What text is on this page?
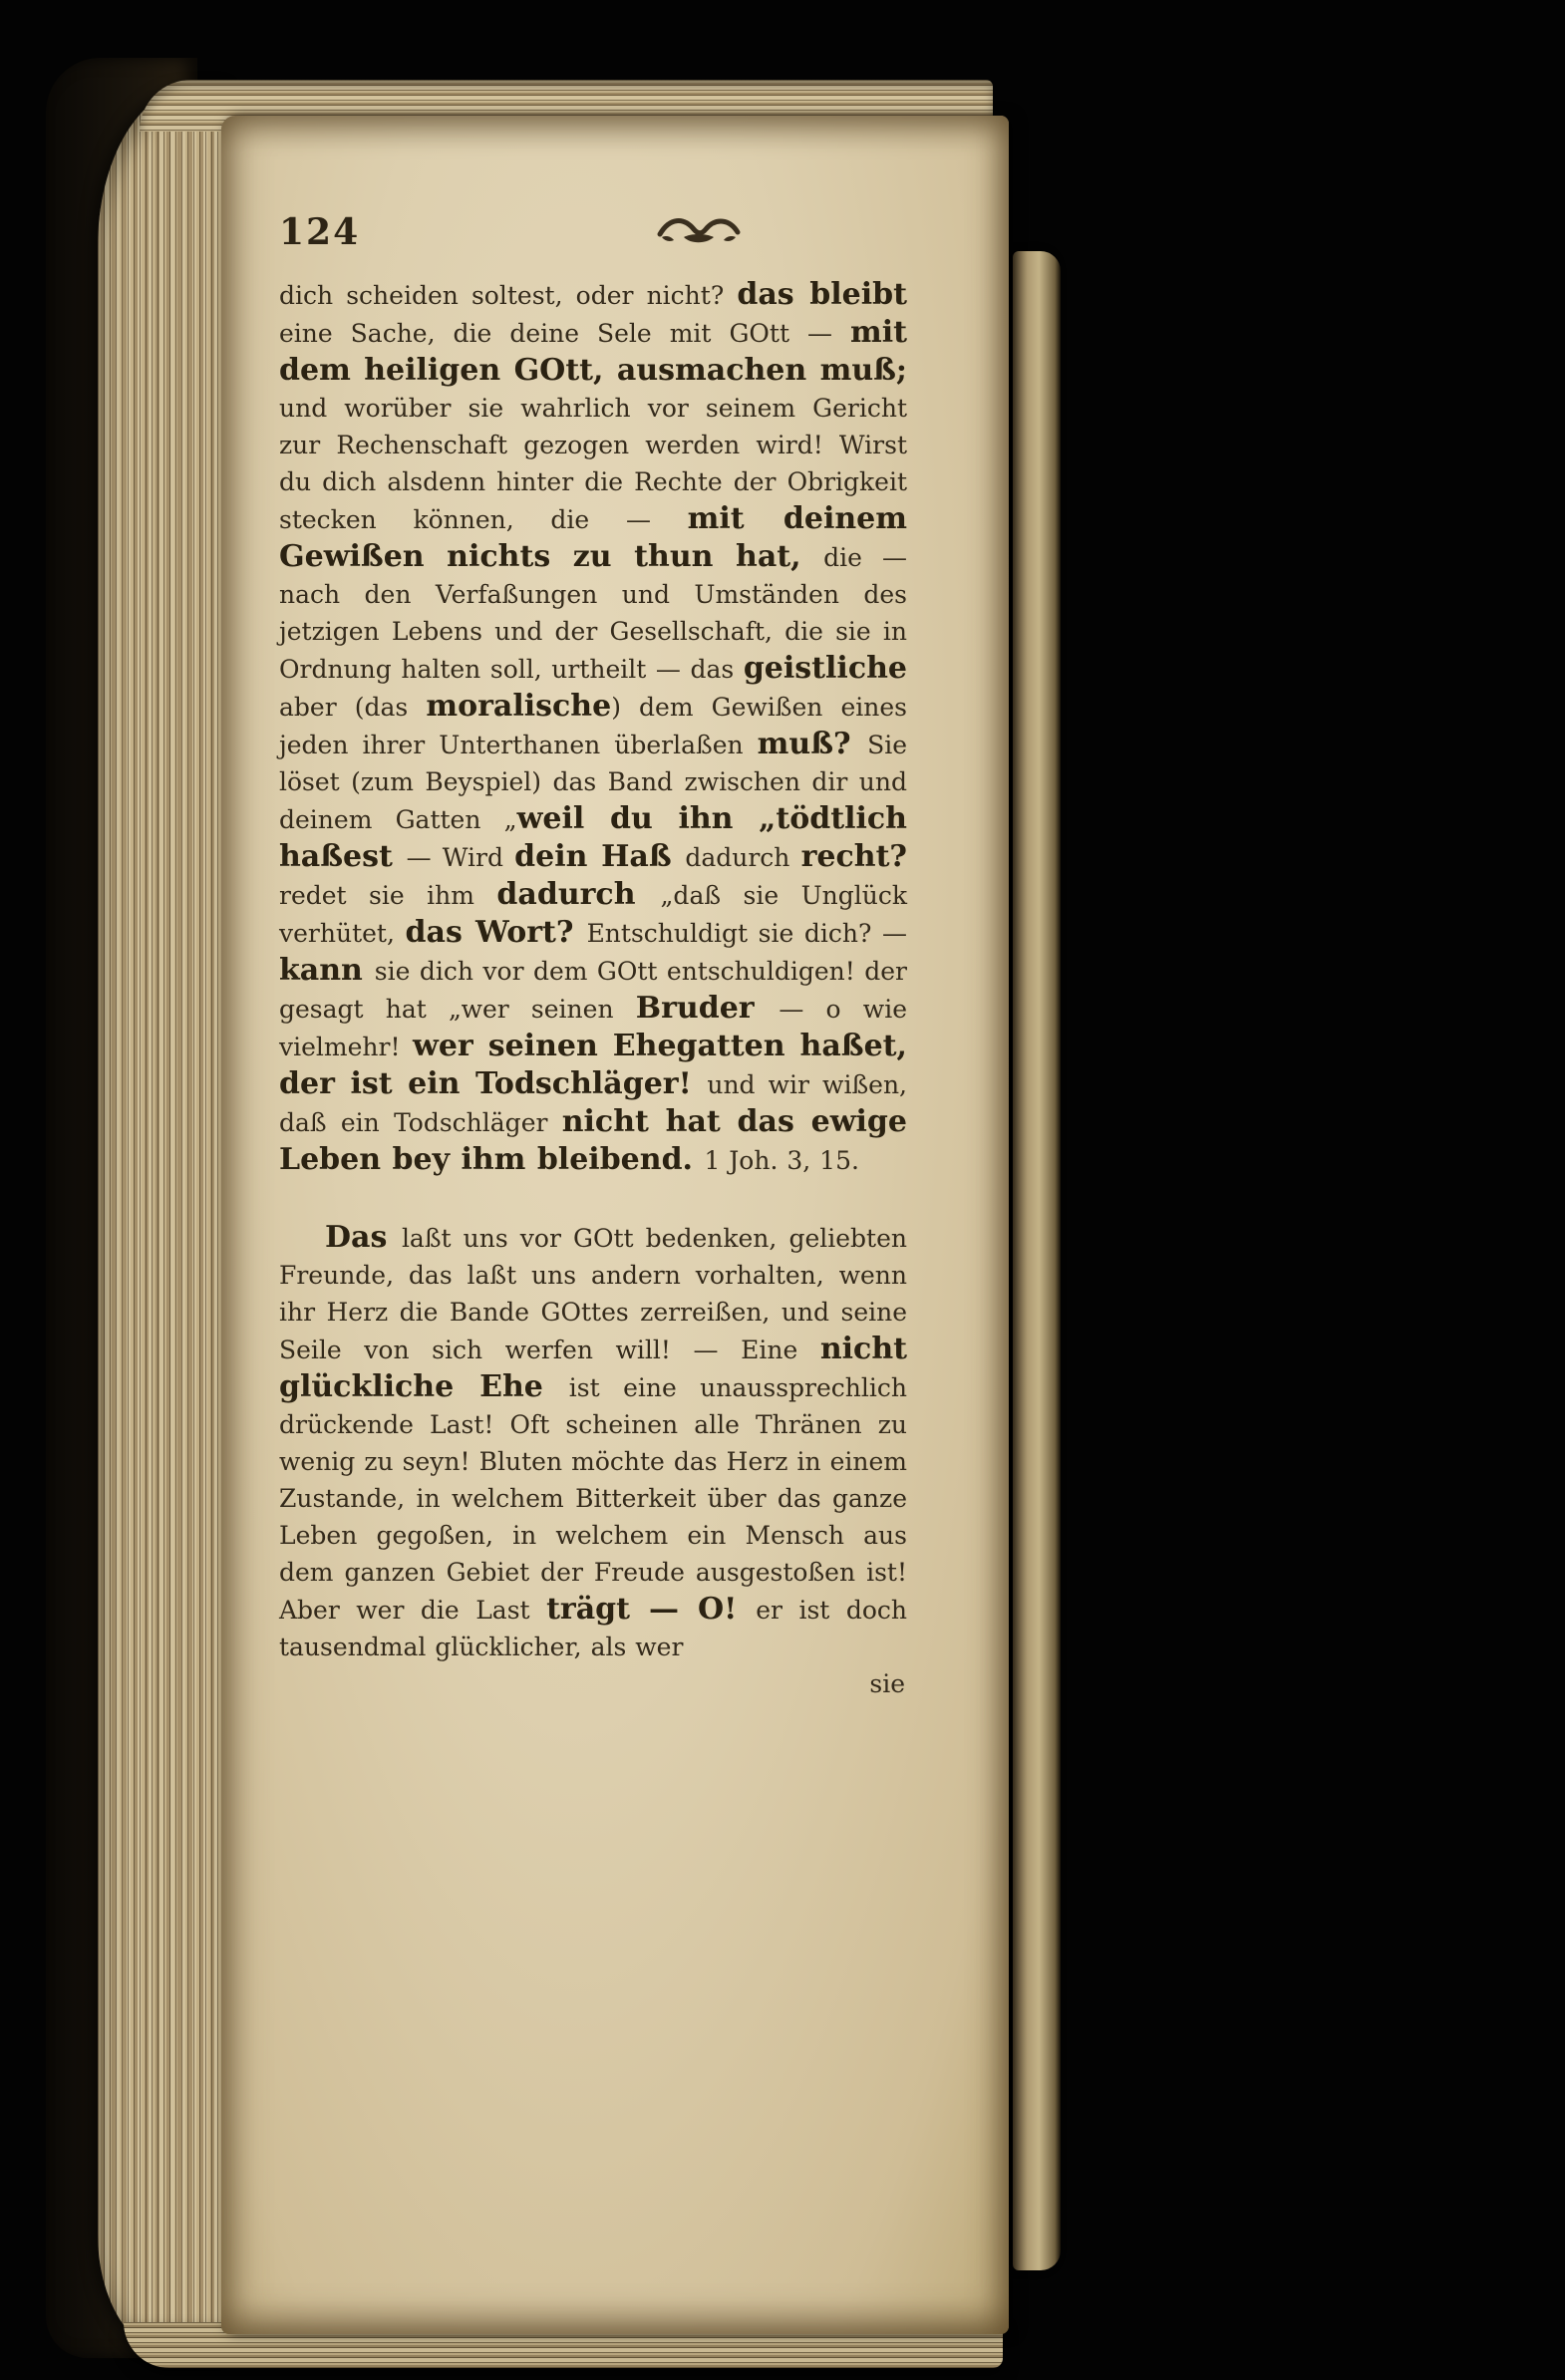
124

dich scheiden soltest, oder nicht? das bleibt eine Sache, die deine Sele mit GOtt — mit dem heiligen GOtt, ausmachen muß; und worüber sie wahrlich vor seinem Gericht zur Rechenschaft gezogen werden wird! Wirst du dich alsdenn hinter die Rechte der Obrigkeit stecken können, die — mit deinem Gewißen nichts zu thun hat, die — nach den Verfaßungen und Umständen des jetzigen Lebens und der Gesellschaft, die sie in Ordnung halten soll, urtheilt — das geistliche aber (das moralische) dem Gewißen eines jeden ihrer Unterthanen überlaßen muß? Sie löset (zum Beyspiel) das Band zwischen dir und deinem Gatten „weil du ihn „tödtlich haßest — Wird dein Haß dadurch recht? redet sie ihm dadurch „daß sie Unglück verhütet, das Wort? Entschuldigt sie dich? — kann sie dich vor dem GOtt entschuldigen! der gesagt hat „wer seinen Bruder — o wie vielmehr! wer seinen Ehegatten haßet, der ist ein Todschläger! und wir wißen, daß ein Todschläger nicht hat das ewige Leben bey ihm bleibend. 1 Joh. 3, 15.

Das laßt uns vor GOtt bedenken, geliebten Freunde, das laßt uns andern vorhalten, wenn ihr Herz die Bande GOttes zerreißen, und seine Seile von sich werfen will! — Eine nicht glückliche Ehe ist eine unaussprechlich drückende Last! Oft scheinen alle Thränen zu wenig zu seyn! Bluten möchte das Herz in einem Zustande, in welchem Bitterkeit über das ganze Leben gegoßen, in welchem ein Mensch aus dem ganzen Gebiet der Freude ausgestoßen ist! Aber wer die Last trägt — O! er ist doch tausendmal glücklicher, als wer

sie
